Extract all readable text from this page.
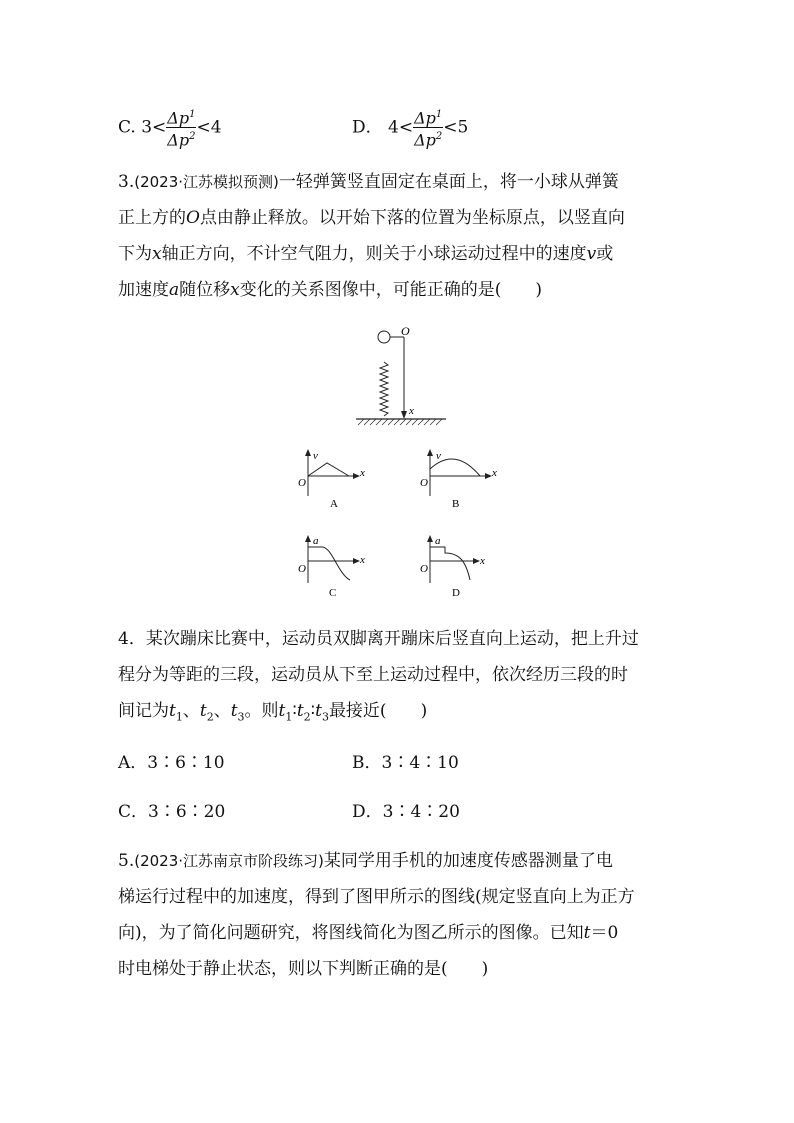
C. $3< \frac{\Delta p^1}{\Delta p^2} <4$	D． $4< \frac{\Delta p^1}{\Delta p^2} <5$
3.(2023·江苏模拟预测)一轻弹簧竖直固定在桌面上，将一小球从弹簧
正上方的O点由静止释放。以开始下落的位置为坐标原点，以竖直向
下为x轴正方向，不计空气阻力，则关于小球运动过程中的速度v或
加速度a随位移x变化的关系图像中，可能正确的是(　　)
O
x
v
O
x
A
v
O
x
B
a
O
x
C
a
O
x
D
4．某次蹦床比赛中，运动员双脚离开蹦床后竖直向上运动，把上升过
程分为等距的三段，运动员从下至上运动过程中，依次经历三段的时
间记为$t_1$、$t_2$、$t_3$。则$t_1∶t_2∶t_3$最接近(　　)
A．3∶6∶10	B．3∶4∶10
C．3∶6∶20	D．3∶4∶20
5.(2023·江苏南京市阶段练习)某同学用手机的加速度传感器测量了电
梯运行过程中的加速度，得到了图甲所示的图线(规定竖直向上为正方
向)，为了简化问题研究，将图线简化为图乙所示的图像。已知t＝0
时电梯处于静止状态，则以下判断正确的是(　　)
